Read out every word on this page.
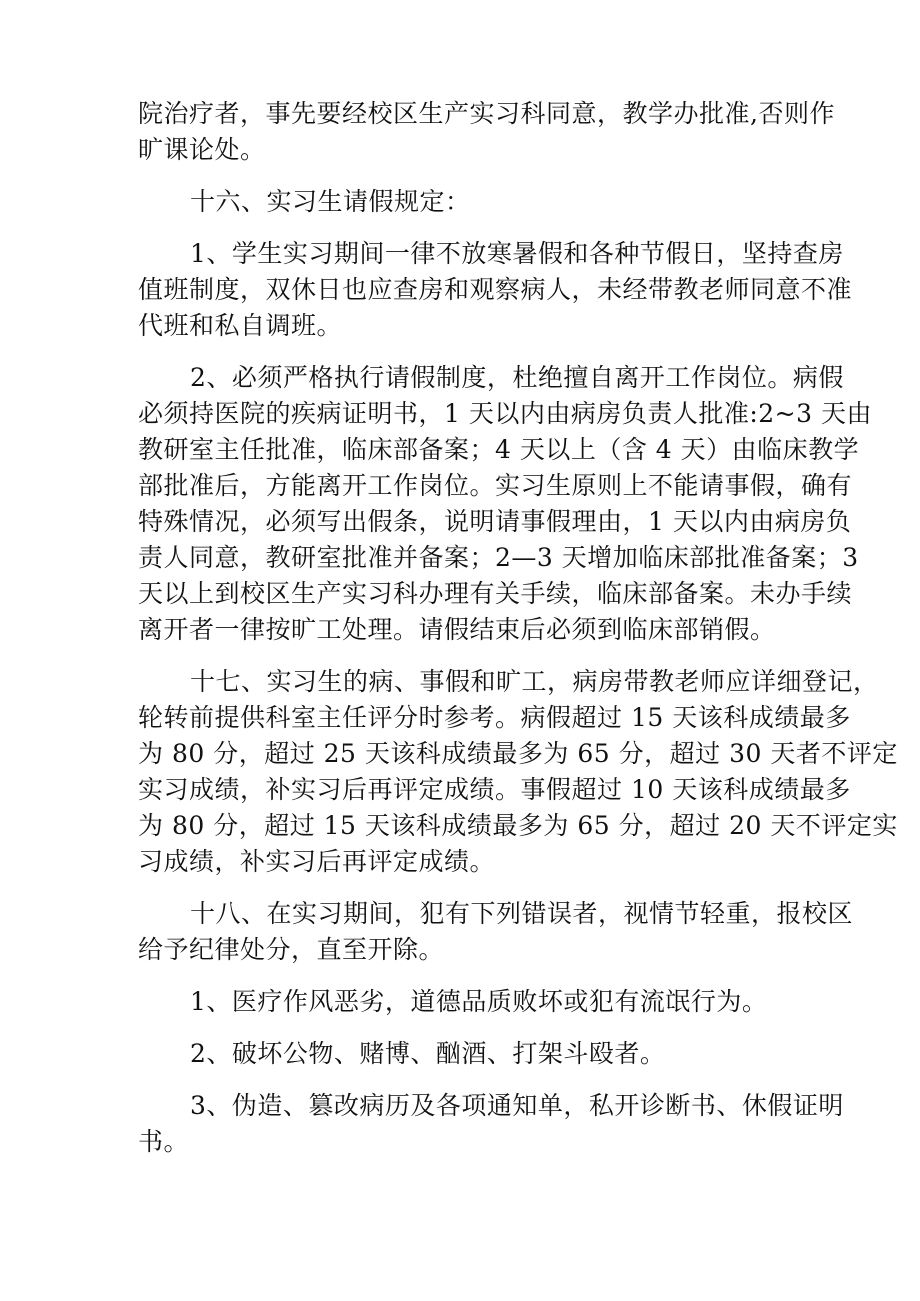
院治疗者，事先要经校区生产实习科同意，教学办批准,否则作
旷课论处。
十六、实习生请假规定：
1、学生实习期间一律不放寒暑假和各种节假日，坚持查房
值班制度，双休日也应查房和观察病人，未经带教老师同意不准
代班和私自调班。
2、必须严格执行请假制度，杜绝擅自离开工作岗位。病假
必须持医院的疾病证明书，1 天以内由病房负责人批准:2~3 天由
教研室主任批准，临床部备案；4 天以上（含 4 天）由临床教学
部批准后，方能离开工作岗位。实习生原则上不能请事假，确有
特殊情况，必须写出假条，说明请事假理由，1 天以内由病房负
责人同意，教研室批准并备案；2—3 天增加临床部批准备案；3
天以上到校区生产实习科办理有关手续，临床部备案。未办手续
离开者一律按旷工处理。请假结束后必须到临床部销假。
十七、实习生的病、事假和旷工，病房带教老师应详细登记，
轮转前提供科室主任评分时参考。病假超过 15 天该科成绩最多
为 80 分，超过 25 天该科成绩最多为 65 分，超过 30 天者不评定
实习成绩，补实习后再评定成绩。事假超过 10 天该科成绩最多
为 80 分，超过 15 天该科成绩最多为 65 分，超过 20 天不评定实
习成绩，补实习后再评定成绩。
十八、在实习期间，犯有下列错误者，视情节轻重，报校区
给予纪律处分，直至开除。
1、医疗作风恶劣，道德品质败坏或犯有流氓行为。
2、破坏公物、赌博、酗酒、打架斗殴者。
3、伪造、篡改病历及各项通知单，私开诊断书、休假证明
书。
